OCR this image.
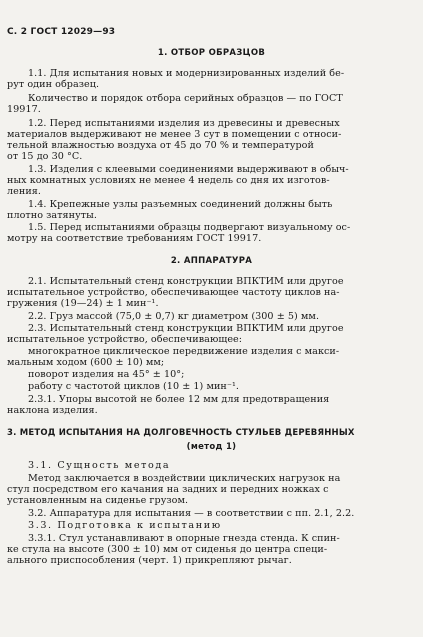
С. 2 ГОСТ 12029—93
1. ОТБОР ОБРАЗЦОВ
1.1. Для испытания новых и модернизированных изделий бе-
рут один образец.
Количество и порядок отбора серийных образцов — по ГОСТ
19917.
1.2. Перед испытаниями изделия из древесины и древесных
материалов выдерживают не менее 3 сут в помещении с относи-
тельной влажностью воздуха от 45 до 70 % и температурой
от 15 до 30 °С.
1.3. Изделия с клеевыми соединениями выдерживают в обыч-
ных комнатных условиях не менее 4 недель со дня их изготов-
ления.
1.4. Крепежные узлы разъемных соединений должны быть
плотно затянуты.
1.5. Перед испытаниями образцы подвергают визуальному ос-
мотру на соответствие требованиям ГОСТ 19917.
2. АППАРАТУРА
2.1. Испытательный стенд конструкции ВПКТИМ или другое
испытательное устройство, обеспечивающее частоту циклов на-
гружения (19—24) ± 1 мин⁻¹.
2.2. Груз массой (75,0 ± 0,7) кг диаметром (300 ± 5) мм.
2.3. Испытательный стенд конструкции ВПКТИМ или другое
испытательное устройство, обеспечивающее:
многократное циклическое передвижение изделия с макси-
мальным ходом (600 ± 10) мм;
поворот изделия на 45° ± 10°;
работу с частотой циклов (10 ± 1) мин⁻¹.
2.3.1. Упоры высотой не более 12 мм для предотвращения
наклона изделия.
3. МЕТОД ИСПЫТАНИЯ НА ДОЛГОВЕЧНОСТЬ СТУЛЬЕВ ДЕРЕВЯННЫХ
(метод 1)
3.1. Сущность метода
Метод заключается в воздействии циклических нагрузок на
стул посредством его качания на задних и передних ножках с
установленным на сиденье грузом.
3.2. Аппаратура для испытания — в соответствии с пп. 2.1, 2.2.
3.3. Подготовка к испытанию
3.3.1. Стул устанавливают в опорные гнезда стенда. К спин-
ке стула на высоте (300 ± 10) мм от сиденья до центра специ-
ального приспособления (черт. 1) прикрепляют рычаг.
